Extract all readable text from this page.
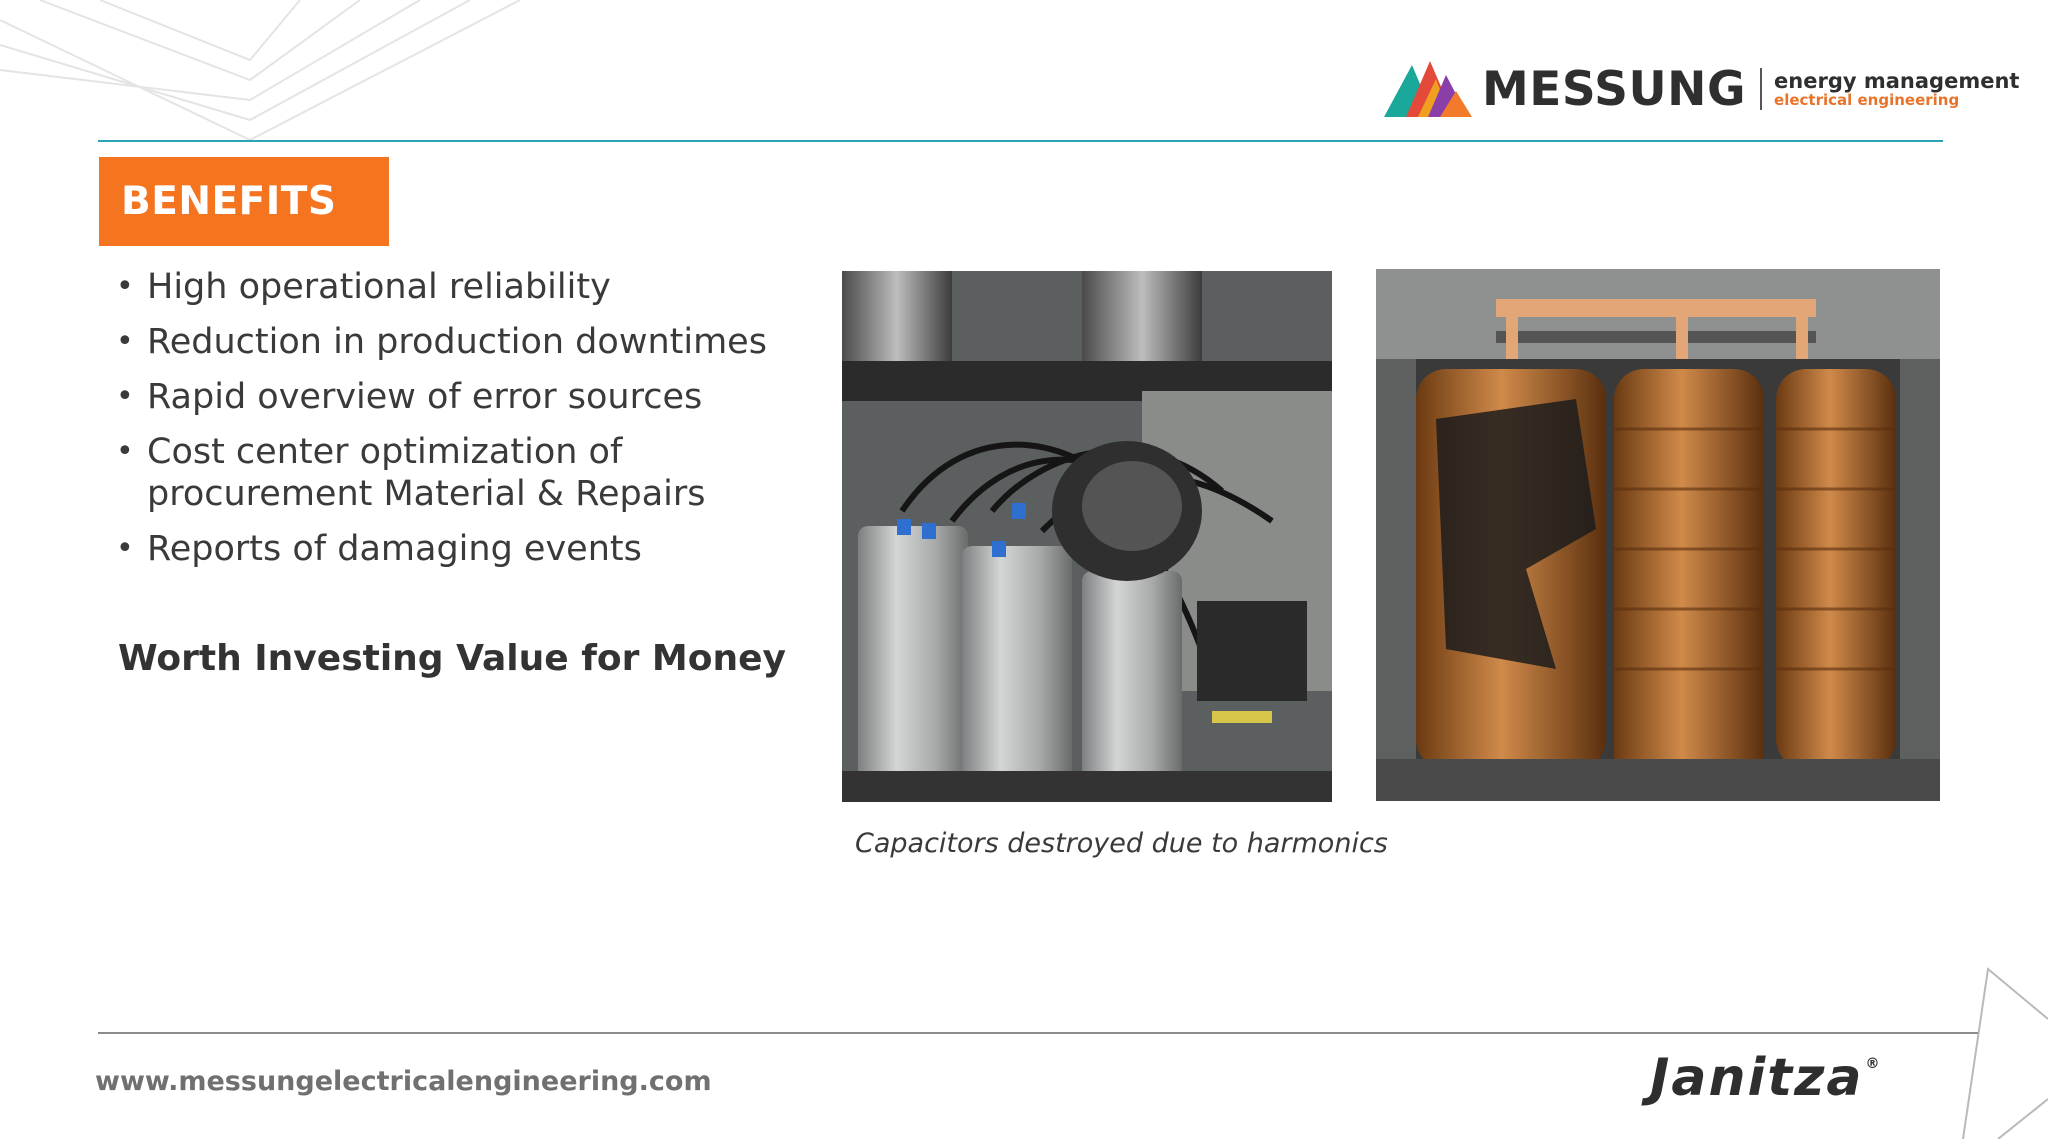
MESSUNG energy management
electrical engineering
BENEFITS
• High operational reliability
• Reduction in production downtimes
• Rapid overview of error sources
• Cost center optimization of procurement Material & Repairs
• Reports of damaging events
Worth Investing Value for Money
Capacitors destroyed due to harmonics
www.messungelectricalengineering.com	Janitza ®
